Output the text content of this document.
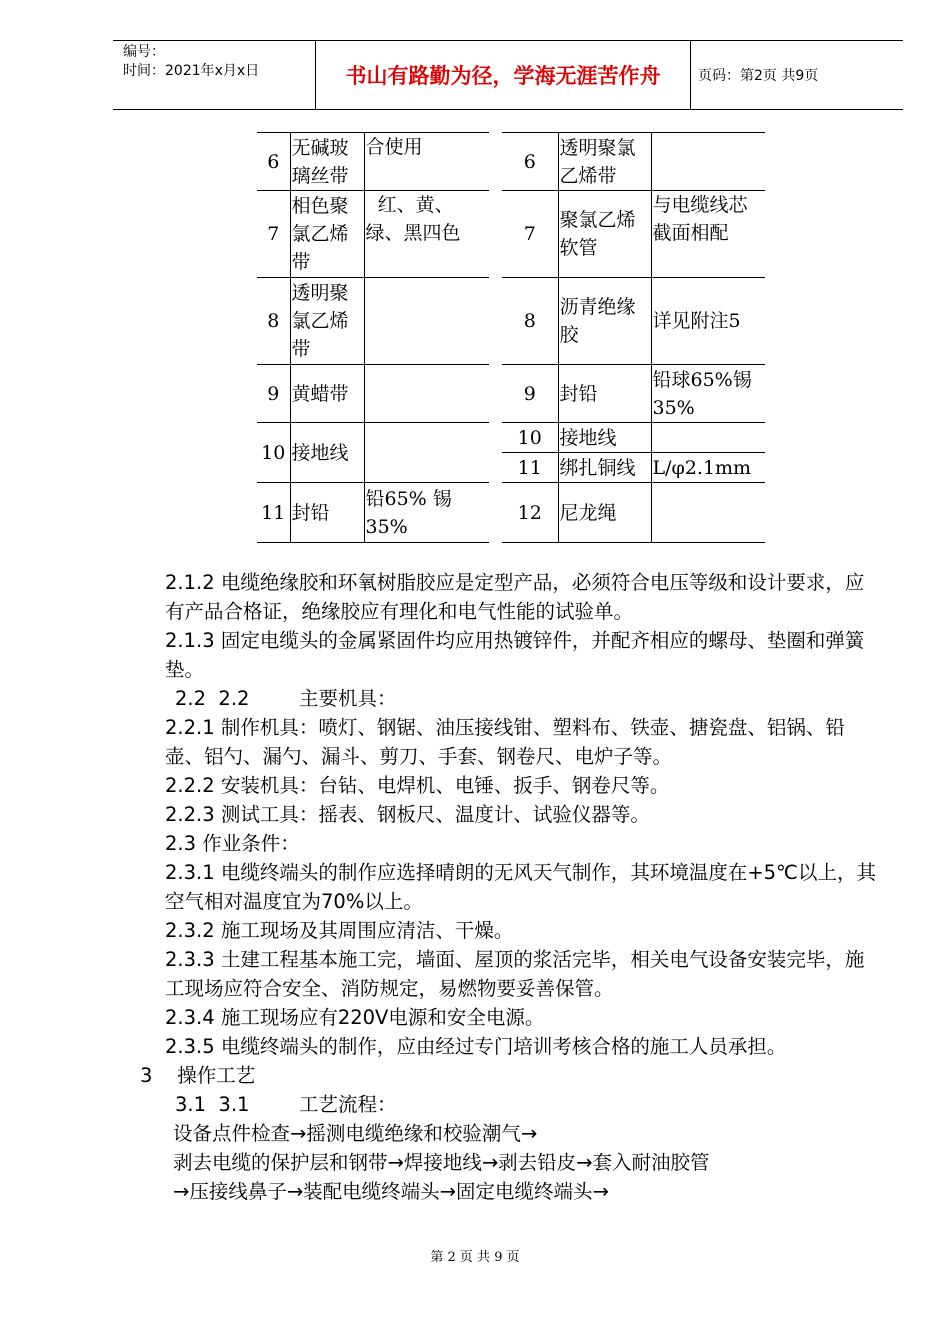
编号：
时间：2021年x月x日	书山有路勤为径，学海无涯苦作舟	页码：第2页 共9页
6	无碱玻璃丝带	合使用
7	相色聚氯乙烯带	红、黄、绿、黑四色
8	透明聚氯乙烯带	
9	黄蜡带	
10	接地线	
11	封铅	铅65% 锡35%
6	透明聚氯乙烯带	
7	聚氯乙烯软管	与电缆线芯截面相配
8	沥青绝缘胶	详见附注5
9	封铅	铅球65%锡35%
10	接地线	
11	绑扎铜线	L/φ2.1mm
12	尼龙绳	

2.1.2 电缆绝缘胶和环氧树脂胶应是定型产品，必须符合电压等级和设计要求，应有产品合格证，绝缘胶应有理化和电气性能的试验单。

2.1.3 固定电缆头的金属紧固件均应用热镀锌件，并配齐相应的螺母、垫圈和弹簧垫。

2.2  2.2        主要机具：

2.2.1 制作机具：喷灯、钢锯、油压接线钳、塑料布、铁壶、搪瓷盘、铝锅、铅壶、铝勺、漏勺、漏斗、剪刀、手套、钢卷尺、电炉子等。

2.2.2 安装机具：台钻、电焊机、电锤、扳手、钢卷尺等。

2.2.3 测试工具：摇表、钢板尺、温度计、试验仪器等。

2.3 作业条件：

2.3.1 电缆终端头的制作应选择晴朗的无风天气制作，其环境温度在+5℃以上，其空气相对温度宜为70%以上。

2.3.2 施工现场及其周围应清洁、干燥。

2.3.3 土建工程基本施工完，墙面、屋顶的浆活完毕，相关电气设备安装完毕，施工现场应符合安全、消防规定，易燃物要妥善保管。

2.3.4 施工现场应有220V电源和安全电源。

2.3.5 电缆终端头的制作，应由经过专门培训考核合格的施工人员承担。

3    操作工艺

3.1  3.1        工艺流程：

设备点件检查→摇测电缆绝缘和校验潮气→

剥去电缆的保护层和钢带→焊接地线→剥去铅皮→套入耐油胶管

→压接线鼻子→装配电缆终端头→固定电缆终端头→

第 2 页 共 9 页
